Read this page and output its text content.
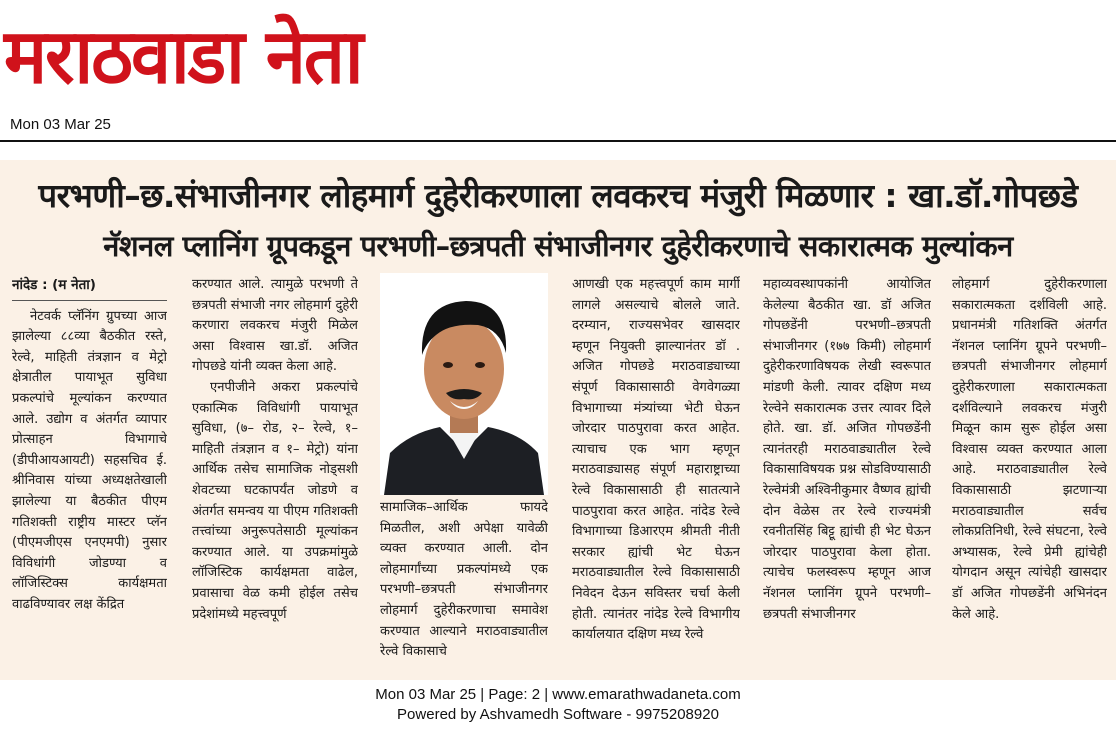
मराठवाडा नेता
Mon 03 Mar 25
परभणी–छ.संभाजीनगर लोहमार्ग दुहेरीकरणाला लवकरच मंजुरी मिळणार : खा.डॉ.गोपछडे
नॅशनल प्लानिंग ग्रूपकडून परभणी–छत्रपती संभाजीनगर दुहेरीकरणाचे सकारात्मक मुल्यांकन
नांदेड : (म नेता)

नेटवर्क प्लॅनिंग ग्रुपच्या आज झालेल्या ८८व्या बैठकीत रस्ते, रेल्वे, माहिती तंत्रज्ञान व मेट्रो क्षेत्रातील पायाभूत सुविधा प्रकल्पांचे मूल्यांकन करण्यात आले. उद्योग व अंतर्गत व्यापार प्रोत्साहन विभागाचे (डीपीआयआयटी) सहसचिव ई. श्रीनिवास यांच्या अध्यक्षतेखाली झालेल्या या बैठकीत पीएम गतिशक्ती राष्ट्रीय मास्टर प्लॅन (पीएमजीएस एनएमपी) नुसार विविधांगी जोडण्या व लॉजिस्टिक्स कार्यक्षमता वाढविण्यावर लक्ष केंद्रित

करण्यात आले. त्यामुळे परभणी ते छत्रपती संभाजी नगर लोहमार्ग दुहेरी करणारा लवकरच मंजुरी मिळेल असा विश्वास खा.डॉ. अजित गोपछडे यांनी व्यक्त केला आहे.

एनपीजीने अकरा प्रकल्पांचे एकात्मिक विविधांगी पायाभूत सुविधा, (७– रोड, २– रेल्वे, १– माहिती तंत्रज्ञान व १– मेट्रो) यांना आर्थिक तसेच सामाजिक नोड्सशी शेवटच्या घटकापर्यंत जोडणे व अंतर्गत समन्वय या पीएम गतिशक्ती तत्त्वांच्या अनुरूपतेसाठी मूल्यांकन करण्यात आले. या उपक्रमांमुळे लॉजिस्टिक कार्यक्षमता वाढेल, प्रवासाचा वेळ कमी होईल तसेच प्रदेशांमध्ये महत्त्वपूर्ण

सामाजिक–आर्थिक फायदे मिळतील, अशी अपेक्षा यावेळी व्यक्त करण्यात आली. दोन लोहमार्गांच्या प्रकल्पांमध्ये एक परभणी–छत्रपती संभाजीनगर लोहमार्ग दुहेरीकरणाचा समावेश करण्यात आल्याने मराठवाड्यातील रेल्वे विकासाचे

आणखी एक महत्त्वपूर्ण काम मार्गी लागले असल्याचे बोलले जाते. दरम्यान, राज्यसभेवर खासदार म्हणून नियुक्ती झाल्यानंतर डॉ . अजित गोपछडे मराठवाड्याच्या संपूर्ण विकासासाठी वेगवेगळ्या विभागाच्या मंत्र्यांच्या भेटी घेऊन जोरदार पाठपुरावा करत आहेत. त्याचाच एक भाग म्हणून मराठवाड्यासह संपूर्ण महाराष्ट्राच्या रेल्वे विकासासाठी ही सातत्याने पाठपुरावा करत आहेत. नांदेड रेल्वे विभागाच्या डिआरएम श्रीमती नीती सरकार ह्यांची भेट घेऊन मराठवाड्यातील रेल्वे विकासासाठी निवेदन देऊन सविस्तर चर्चा केली होती. त्यानंतर नांदेड रेल्वे विभागीय कार्यालयात दक्षिण मध्य रेल्वे

महाव्यवस्थापकांनी आयोजित केलेल्या बैठकीत खा. डॉ अजित गोपछडेंनी परभणी–छत्रपती संभाजीनगर (१७७ किमी) लोहमार्ग दुहेरीकरणाविषयक लेखी स्वरूपात मांडणी केली. त्यावर दक्षिण मध्य रेल्वेने सकारात्मक उत्तर त्यावर दिले होते. खा. डॉ. अजित गोपछडेंनी त्यानंतरही मराठवाड्यातील रेल्वे विकासाविषयक प्रश्न सोडविण्यासाठी रेल्वेमंत्री अश्विनीकुमार वैष्णव ह्यांची दोन वेळेस तर रेल्वे राज्यमंत्री रवनीतसिंह बिट्टू ह्यांची ही भेट घेऊन जोरदार पाठपुरावा केला होता. त्याचेच फलस्वरूप म्हणून आज नॅशनल प्लानिंग ग्रूपने परभणी–छत्रपती संभाजीनगर

लोहमार्ग दुहेरीकरणाला सकारात्मकता दर्शविली आहे. प्रधानमंत्री गतिशक्ति अंतर्गत नॅशनल प्लानिंग ग्रूपने परभणी–छत्रपती संभाजीनगर लोहमार्ग दुहेरीकरणाला सकारात्मकता दर्शविल्याने लवकरच मंजुरी मिळून काम सुरू होईल असा विश्वास व्यक्त करण्यात आला आहे. मराठवाड्यातील रेल्वे विकासासाठी झटणाऱ्या मराठवाड्यातील सर्वच लोकप्रतिनिधी, रेल्वे संघटना, रेल्वे अभ्यासक, रेल्वे प्रेमी ह्यांचेही योगदान असून त्यांचेही खासदार डॉ अजित गोपछडेंनी अभिनंदन केले आहे.

Mon 03 Mar 25 | Page: 2 | www.emarathwadaneta.com
Powered by Ashvamedh Software - 9975208920
